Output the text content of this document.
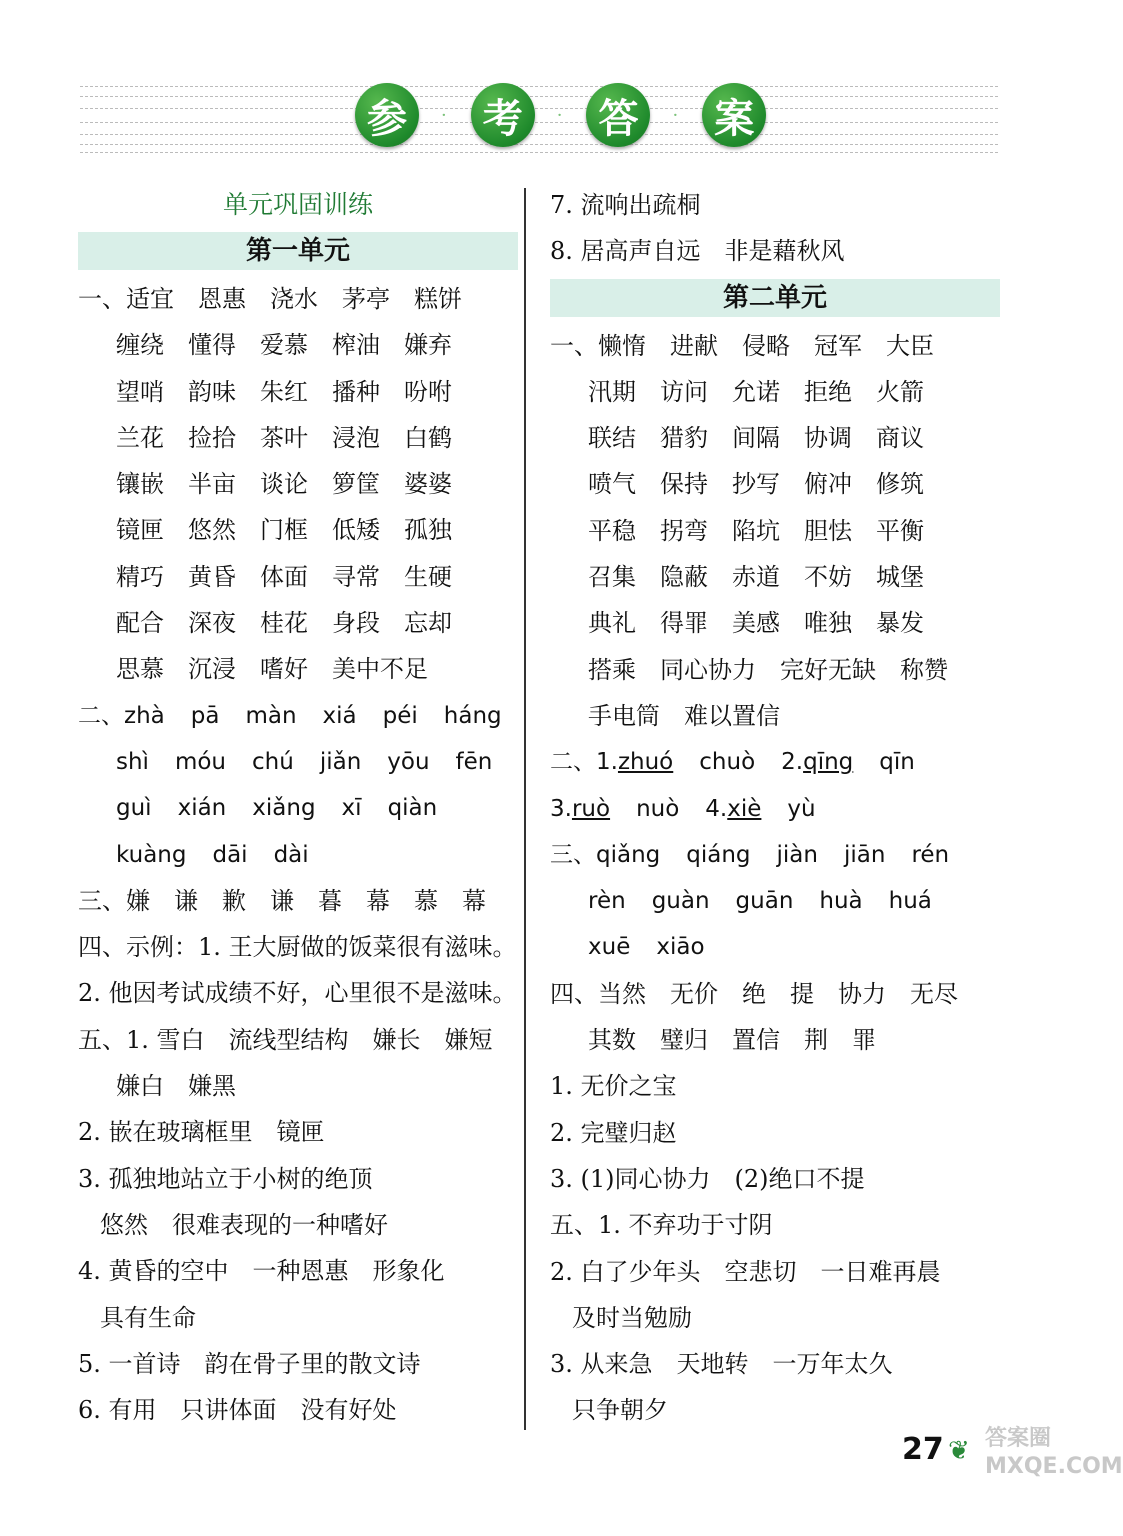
参	· 考	· 答	· 案
单元巩固训练
第一单元
一、适宜 恩惠 浇水 茅亭 糕饼
缠绕 懂得 爱慕 榨油 嫌弃
望哨 韵味 朱红 播种 吩咐
兰花 捡拾 茶叶 浸泡 白鹤
镶嵌 半亩 谈论 箩筐 婆婆
镜匣 悠然 门框 低矮 孤独
精巧 黄昏 体面 寻常 生硬
配合 深夜 桂花 身段 忘却
思慕 沉浸 嗜好 美中不足
二、zhà pā màn xiá péi háng
shì móu chú jiǎn yōu fēn
guì xián xiǎng xī qiàn
kuàng dāi dài
三、嫌 谦 歉 谦 暮 幕 慕 幕
四、示例：1. 王大厨做的饭菜很有滋味。
2. 他因考试成绩不好，心里很不是滋味。
五、1. 雪白 流线型结构 嫌长 嫌短
嫌白 嫌黑
2. 嵌在玻璃框里 镜匣
3. 孤独地站立于小树的绝顶
悠然 很难表现的一种嗜好
4. 黄昏的空中 一种恩惠 形象化
具有生命
5. 一首诗 韵在骨子里的散文诗
6. 有用 只讲体面 没有好处
7. 流响出疏桐
8. 居高声自远 非是藉秋风
第二单元
一、懒惰 进献 侵略 冠军 大臣
汛期 访问 允诺 拒绝 火箭
联结 猎豹 间隔 协调 商议
喷气 保持 抄写 俯冲 修筑
平稳 拐弯 陷坑 胆怯 平衡
召集 隐蔽 赤道 不妨 城堡
典礼 得罪 美感 唯独 暴发
搭乘 同心协力 完好无缺 称赞
手电筒 难以置信
二、1.zhuó chuò 2.qīng qīn
3.ruò nuò 4.xiè yù
三、qiǎng qiáng jiàn jiān rén
rèn guàn guān huà huá
xuē xiāo
四、当然 无价 绝 提 协力 无尽
其数 璧归 置信 荆 罪
1. 无价之宝
2. 完璧归赵
3. (1)同心协力 (2)绝口不提
五、1. 不弃功于寸阴
2. 白了少年头 空悲切 一日难再晨
及时当勉励
3. 从来急 天地转 一万年太久
只争朝夕
27 ❦ 答案圈 MXQE.COM
